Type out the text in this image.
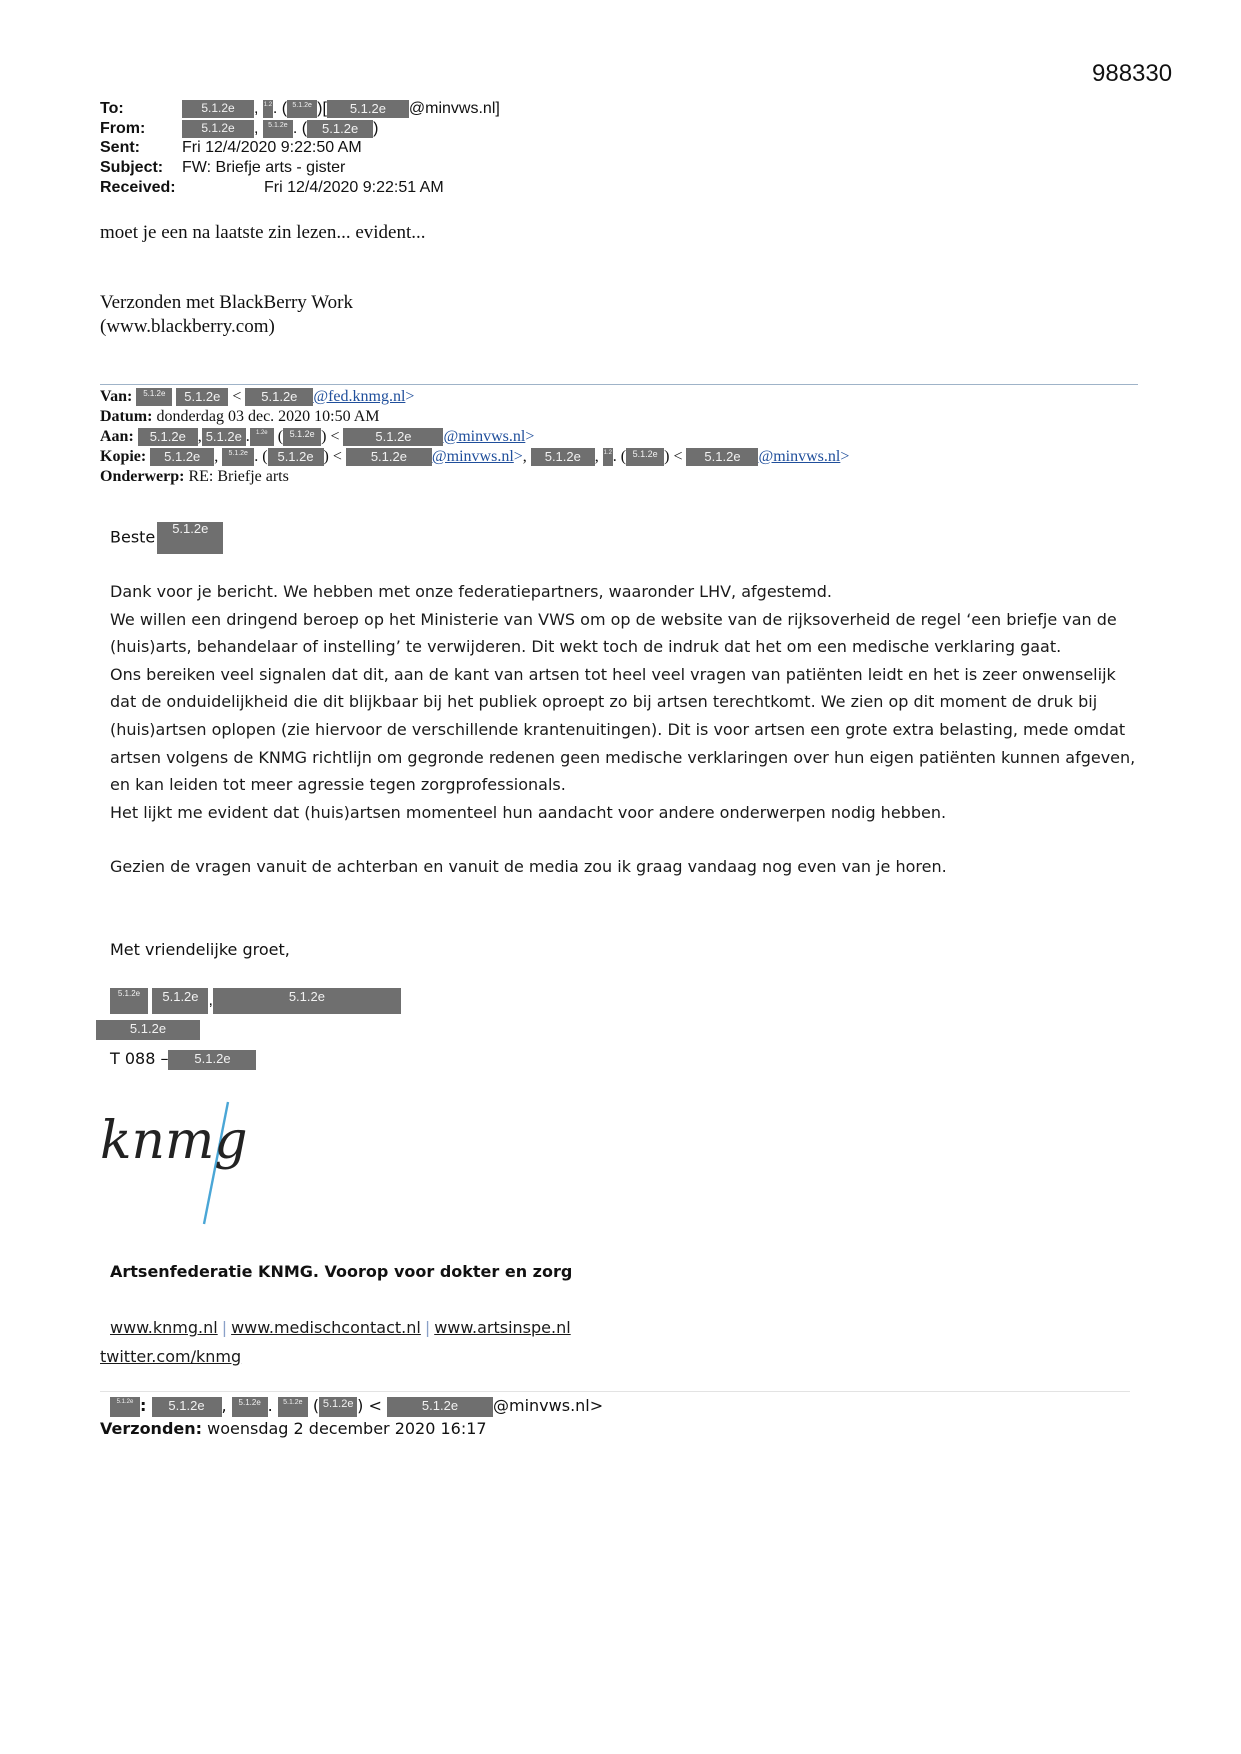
988330
To:	5.1.2e , 1.2. ( 5.1.2e )[ 5.1.2e @minvws.nl]
From:	5.1.2e , 5.1.2e . ( 5.1.2e )
Sent:	Fri 12/4/2020 9:22:50 AM
Subject: FW: Briefje arts - gister
Received:	Fri 12/4/2020 9:22:51 AM
moet je een na laatste zin lezen... evident...
Verzonden met BlackBerry Work
(www.blackberry.com)
Van: 5.1.2e 5.1.2e < 5.1.2e @fed.knmg.nl>
Datum: donderdag 03 dec. 2020 10:50 AM
Aan: 5.1.2e , 5.1.2e . 1.2e ( 5.1.2e ) < 5.1.2e @minvws.nl>
Kopie: 5.1.2e , 5.1.2e . ( 5.1.2e ) < 5.1.2e @minvws.nl>, 5.1.2e , 1.2. ( 5.1.2e ) < 5.1.2e @minvws.nl>
Onderwerp: RE: Briefje arts
Beste 5.1.2e

Dank voor je bericht. We hebben met onze federatiepartners, waaronder LHV, afgestemd.

We willen een dringend beroep op het Ministerie van VWS om op de website van de rijksoverheid de regel ‘een briefje van de (huis)arts, behandelaar of instelling’ te verwijderen. Dit wekt toch de indruk dat het om een medische verklaring gaat.

Ons bereiken veel signalen dat dit, aan de kant van artsen tot heel veel vragen van patiënten leidt en het is zeer onwenselijk dat de onduidelijkheid die dit blijkbaar bij het publiek oproept zo bij artsen terechtkomt. We zien op dit moment de druk bij (huis)artsen oplopen (zie hiervoor de verschillende krantenuitingen). Dit is voor artsen een grote extra belasting, mede omdat artsen volgens de KNMG richtlijn om gegronde redenen geen medische verklaringen over hun eigen patiënten kunnen afgeven, en kan leiden tot meer agressie tegen zorgprofessionals.

Het lijkt me evident dat (huis)artsen momenteel hun aandacht voor andere onderwerpen nodig hebben.

Gezien de vragen vanuit de achterban en vanuit de media zou ik graag vandaag nog even van je horen.

Met vriendelijke groet,
5.1.2e 5.1.2e ,	5.1.2e
5.1.2e
T 088 – 5.1.2e
knmg
Artsenfederatie KNMG. Voorop voor dokter en zorg
www.knmg.nl | www.medischcontact.nl | www.artsinspe.nl
twitter.com/knmg
5.1.2e : 5.1.2e , 5.1.2e . 5.1.2e ( 5.1.2e ) <	5.1.2e @minvws.nl>
Verzonden: woensdag 2 december 2020 16:17
